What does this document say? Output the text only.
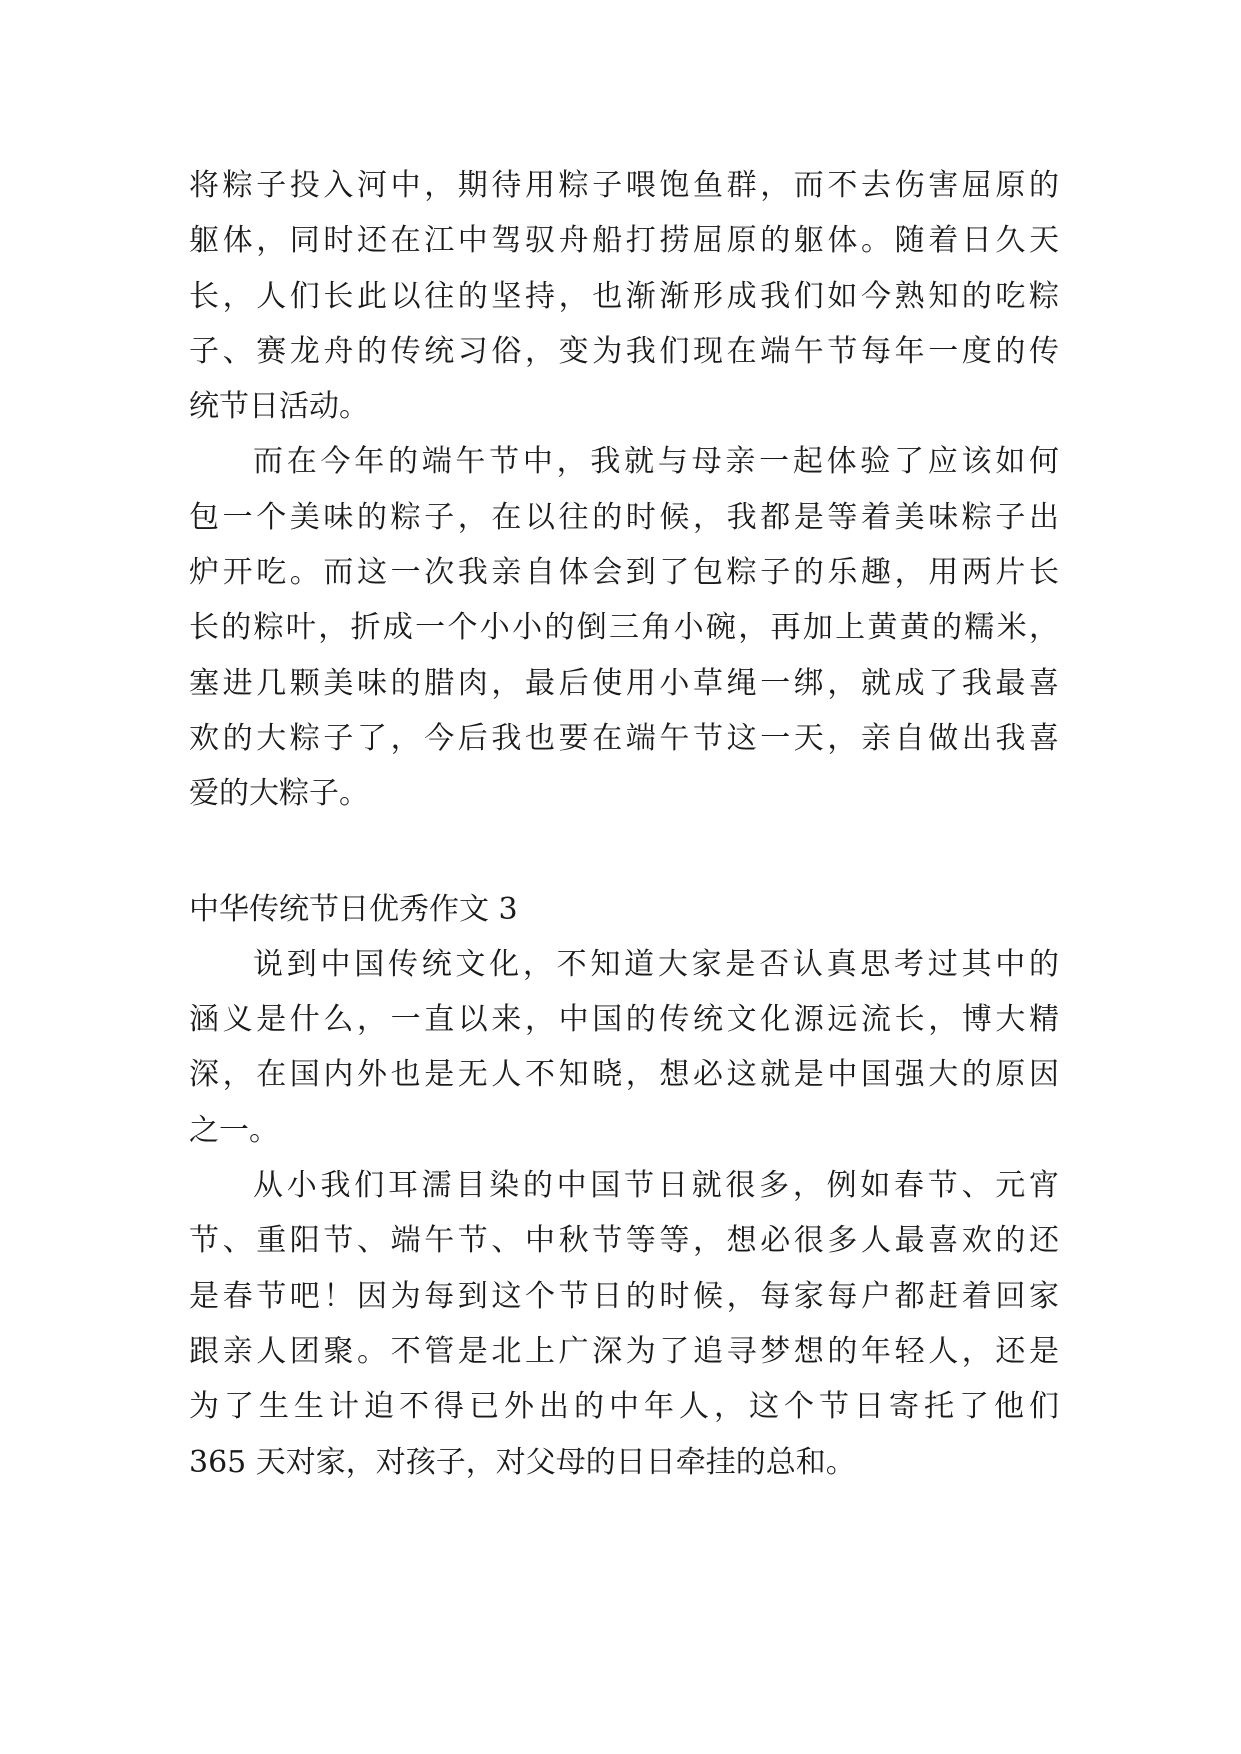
将粽子投入河中，期待用粽子喂饱鱼群，而不去伤害屈原的
躯体，同时还在江中驾驭舟船打捞屈原的躯体。随着日久天
长，人们长此以往的坚持，也渐渐形成我们如今熟知的吃粽
子、赛龙舟的传统习俗，变为我们现在端午节每年一度的传
统节日活动。
而在今年的端午节中，我就与母亲一起体验了应该如何
包一个美味的粽子，在以往的时候，我都是等着美味粽子出
炉开吃。而这一次我亲自体会到了包粽子的乐趣，用两片长
长的粽叶，折成一个小小的倒三角小碗，再加上黄黄的糯米，
塞进几颗美味的腊肉，最后使用小草绳一绑，就成了我最喜
欢的大粽子了，今后我也要在端午节这一天，亲自做出我喜
爱的大粽子。
中华传统节日优秀作文 3
说到中国传统文化，不知道大家是否认真思考过其中的
涵义是什么，一直以来，中国的传统文化源远流长，博大精
深，在国内外也是无人不知晓，想必这就是中国强大的原因
之一。
从小我们耳濡目染的中国节日就很多，例如春节、元宵
节、重阳节、端午节、中秋节等等，想必很多人最喜欢的还
是春节吧！因为每到这个节日的时候，每家每户都赶着回家
跟亲人团聚。不管是北上广深为了追寻梦想的年轻人，还是
为了生生计迫不得已外出的中年人，这个节日寄托了他们
365 天对家，对孩子，对父母的日日牵挂的总和。
